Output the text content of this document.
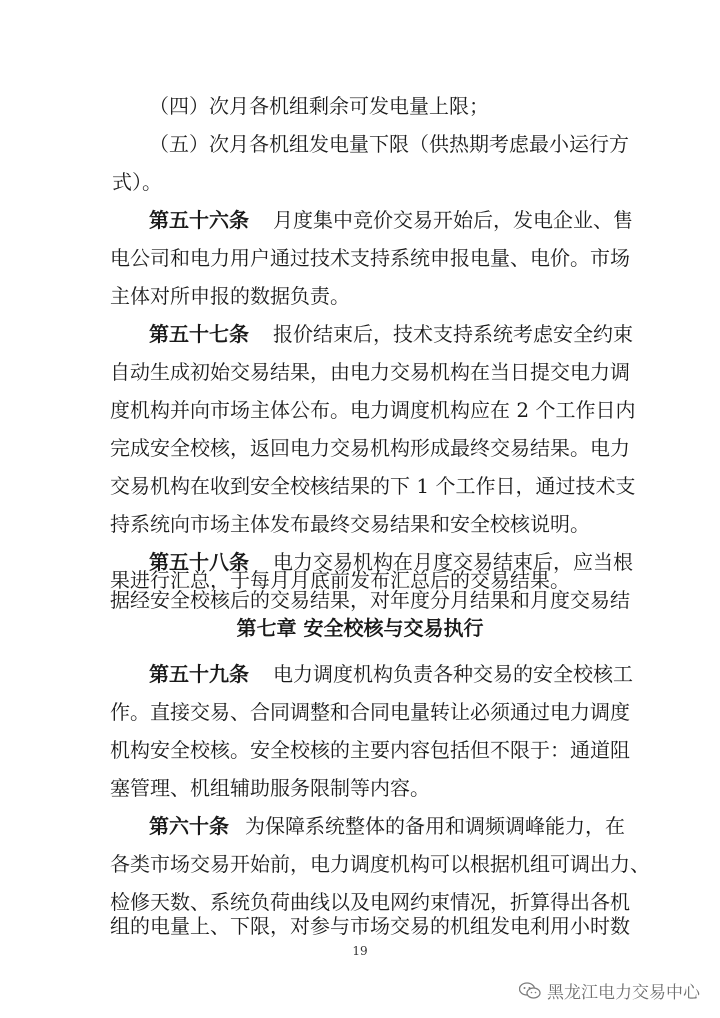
（四）次月各机组剩余可发电量上限；
（五）次月各机组发电量下限（供热期考虑最小运行方
式）。
第五十六条 月度集中竞价交易开始后，发电企业、售
电公司和电力用户通过技术支持系统申报电量、电价。市场
主体对所申报的数据负责。
第五十七条 报价结束后，技术支持系统考虑安全约束
自动生成初始交易结果，由电力交易机构在当日提交电力调
度机构并向市场主体公布。电力调度机构应在 2 个工作日内
完成安全校核，返回电力交易机构形成最终交易结果。电力
交易机构在收到安全校核结果的下 1 个工作日，通过技术支
持系统向市场主体发布最终交易结果和安全校核说明。
第五十八条 电力交易机构在月度交易结束后，应当根
据经安全校核后的交易结果，对年度分月结果和月度交易结
果进行汇总，于每月月底前发布汇总后的交易结果。
第七章 安全校核与交易执行
第五十九条 电力调度机构负责各种交易的安全校核工
作。直接交易、合同调整和合同电量转让必须通过电力调度
机构安全校核。安全校核的主要内容包括但不限于：通道阻
塞管理、机组辅助服务限制等内容。
第六十条 为保障系统整体的备用和调频调峰能力，在
各类市场交易开始前，电力调度机构可以根据机组可调出力、
检修天数、系统负荷曲线以及电网约束情况，折算得出各机
组的电量上、下限，对参与市场交易的机组发电利用小时数
19
黑龙江电力交易中心
